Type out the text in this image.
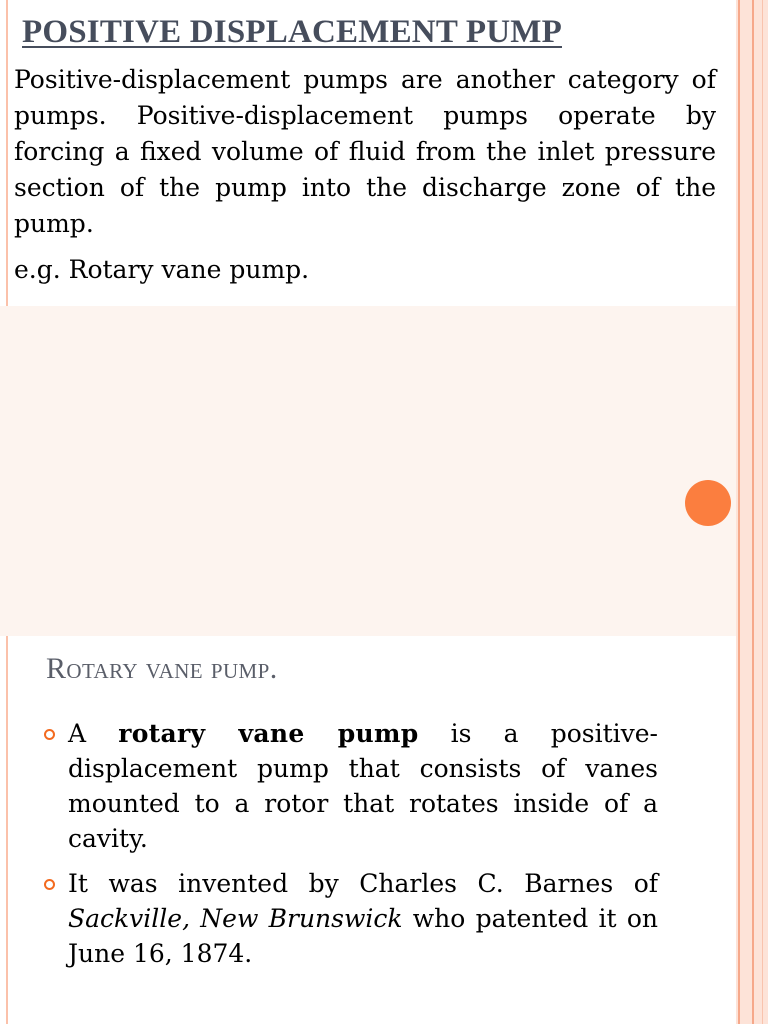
POSITIVE DISPLACEMENT PUMP

Positive-displacement pumps are another category of pumps. Positive-displacement pumps operate by forcing a fixed volume of fluid from the inlet pressure section of the pump into the discharge zone of the pump.

e.g. Rotary vane pump.

Rotary vane pump.
A rotary vane pump is a positive-displacement pump that consists of vanes mounted to a rotor that rotates inside of a cavity.
It was invented by Charles C. Barnes of Sackville, New Brunswick who patented it on June 16, 1874.
